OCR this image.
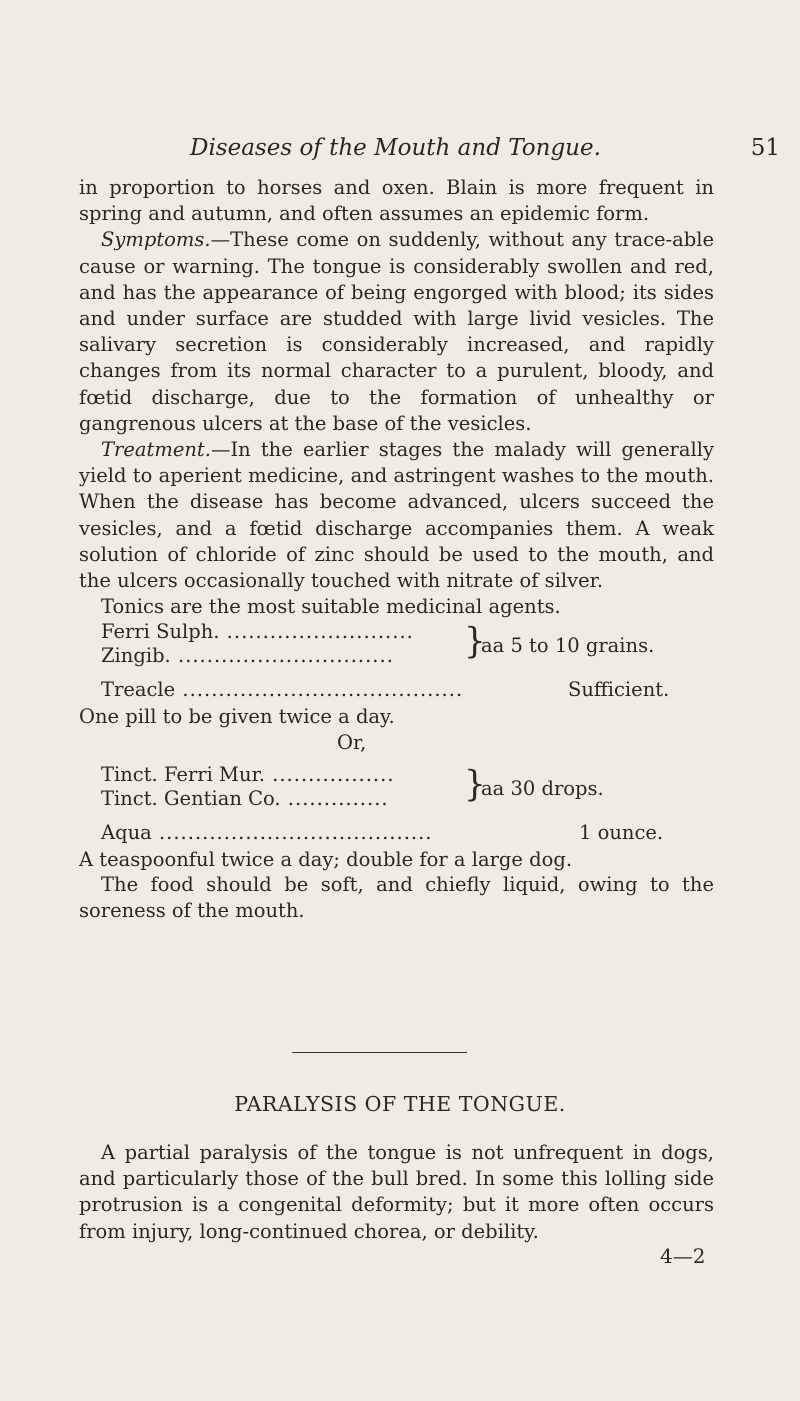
Diseases of the Mouth and Tongue.	51

in proportion to horses and oxen. Blain is more frequent in spring and autumn, and often assumes an epidemic form.

Symptoms.—These come on suddenly, without any trace-able cause or warning. The tongue is considerably swollen and red, and has the appearance of being engorged with blood; its sides and under surface are studded with large livid vesicles. The salivary secretion is considerably increased, and rapidly changes from its normal character to a purulent, bloody, and fœtid discharge, due to the formation of unhealthy or gangrenous ulcers at the base of the vesicles.

Treatment.—In the earlier stages the malady will generally yield to aperient medicine, and astringent washes to the mouth. When the disease has become advanced, ulcers succeed the vesicles, and a fœtid discharge accompanies them. A weak solution of chloride of zinc should be used to the mouth, and the ulcers occasionally touched with nitrate of silver.

Tonics are the most suitable medicinal agents.

Ferri Sulph. ..........................
Zingib. .............................. }
aa 5 to 10 grains.
Treacle .......................................	Sufficient.
One pill to be given twice a day.
Or,
Tinct. Ferri Mur. .................
Tinct. Gentian Co. .............. }
aa 30 drops.
Aqua ......................................	1 ounce.
A teaspoonful twice a day; double for a large dog.

The food should be soft, and chiefly liquid, owing to the soreness of the mouth.

PARALYSIS OF THE TONGUE.

A partial paralysis of the tongue is not unfrequent in dogs, and particularly those of the bull bred. In some this lolling side protrusion is a congenital deformity; but it more often occurs from injury, long-continued chorea, or debility.

4—2
